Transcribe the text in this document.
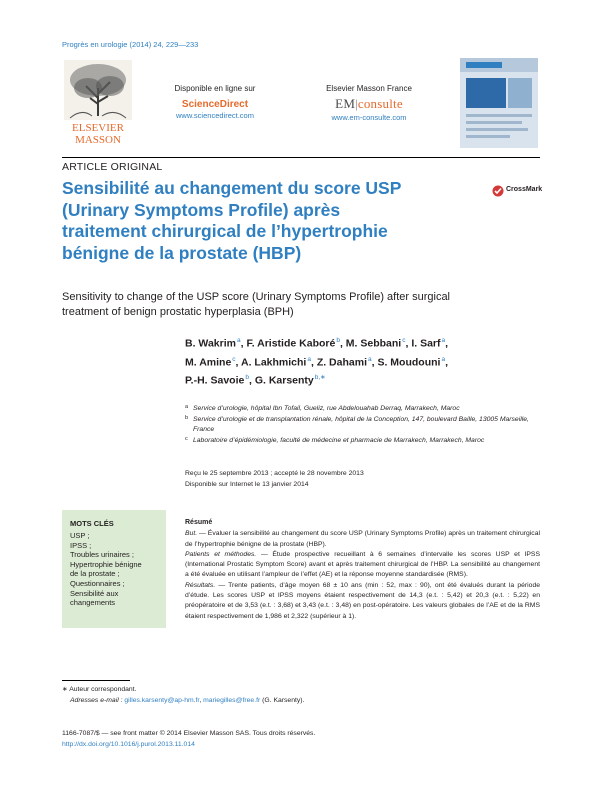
Progrès en urologie (2014) 24, 229—233
ELSEVIER
MASSON
Disponible en ligne sur
ScienceDirect
www.sciencedirect.com
Elsevier Masson France
EM|consulte
www.em-consulte.com
ARTICLE ORIGINAL
Sensibilité au changement du score USP (Urinary Symptoms Profile) après traitement chirurgical de l’hypertrophie bénigne de la prostate (HBP)
CrossMark
Sensitivity to change of the USP score (Urinary Symptoms Profile) after surgical treatment of benign prostatic hyperplasia (BPH)
B. Wakrim$^a$, F. Aristide Kaboré$^b$, M. Sebbani$^c$, I. Sarf$^a$,
M. Amine$^c$, A. Lakhmichi$^a$, Z. Dahami$^a$, S. Moudouni$^a$,
P.-H. Savoie$^b$, G. Karsenty$^{b,∗}$
a Service d’urologie, hôpital Ibn Tofail, Gueliz, rue Abdelouahab Derraq, Marrakech, Maroc
b Service d’urologie et de transplantation rénale, hôpital de la Conception, 147, boulevard Baille, 13005 Marseille, France
c Laboratoire d’épidémiologie, faculté de médecine et pharmacie de Marrakech, Marrakech, Maroc
Reçu le 25 septembre 2013 ; accepté le 28 novembre 2013
Disponible sur Internet le 13 janvier 2014
MOTS CLÉS
USP ;
IPSS ;
Troubles urinaires ;
Hypertrophie bénigne
de la prostate ;
Questionnaires ;
Sensibilité aux
changements
Résumé

But. — Évaluer la sensibilité au changement du score USP (Urinary Symptoms Profile) après un traitement chirurgical de l’hypertrophie bénigne de la prostate (HBP).

Patients et méthodes. — Étude prospective recueillant à 6 semaines d’intervalle les scores USP et IPSS (International Prostatic Symptom Score) avant et après traitement chirurgical de l’HBP. La sensibilité au changement a été évaluée en utilisant l’ampleur de l’effet (AE) et la réponse moyenne standardisée (RMS).

Résultats. — Trente patients, d’âge moyen 68 ± 10 ans (min : 52, max : 90), ont été évalués durant la période d’étude. Les scores USP et IPSS moyens étaient respectivement de 14,3 (e.t. : 5,42) et 20,3 (e.t. : 5,22) en préopératoire et de 3,53 (e.t. : 3,68) et 3,43 (e.t. : 3,48) en post-opératoire. Les valeurs globales de l’AE et de la RMS étaient respectivement de 1,986 et 2,322 (supérieur à 1).

∗ Auteur correspondant.
Adresses e-mail : gilles.karsenty@ap-hm.fr, mariegilles@free.fr (G. Karsenty).
1166-7087/$ — see front matter © 2014 Elsevier Masson SAS. Tous droits réservés.
http://dx.doi.org/10.1016/j.purol.2013.11.014
